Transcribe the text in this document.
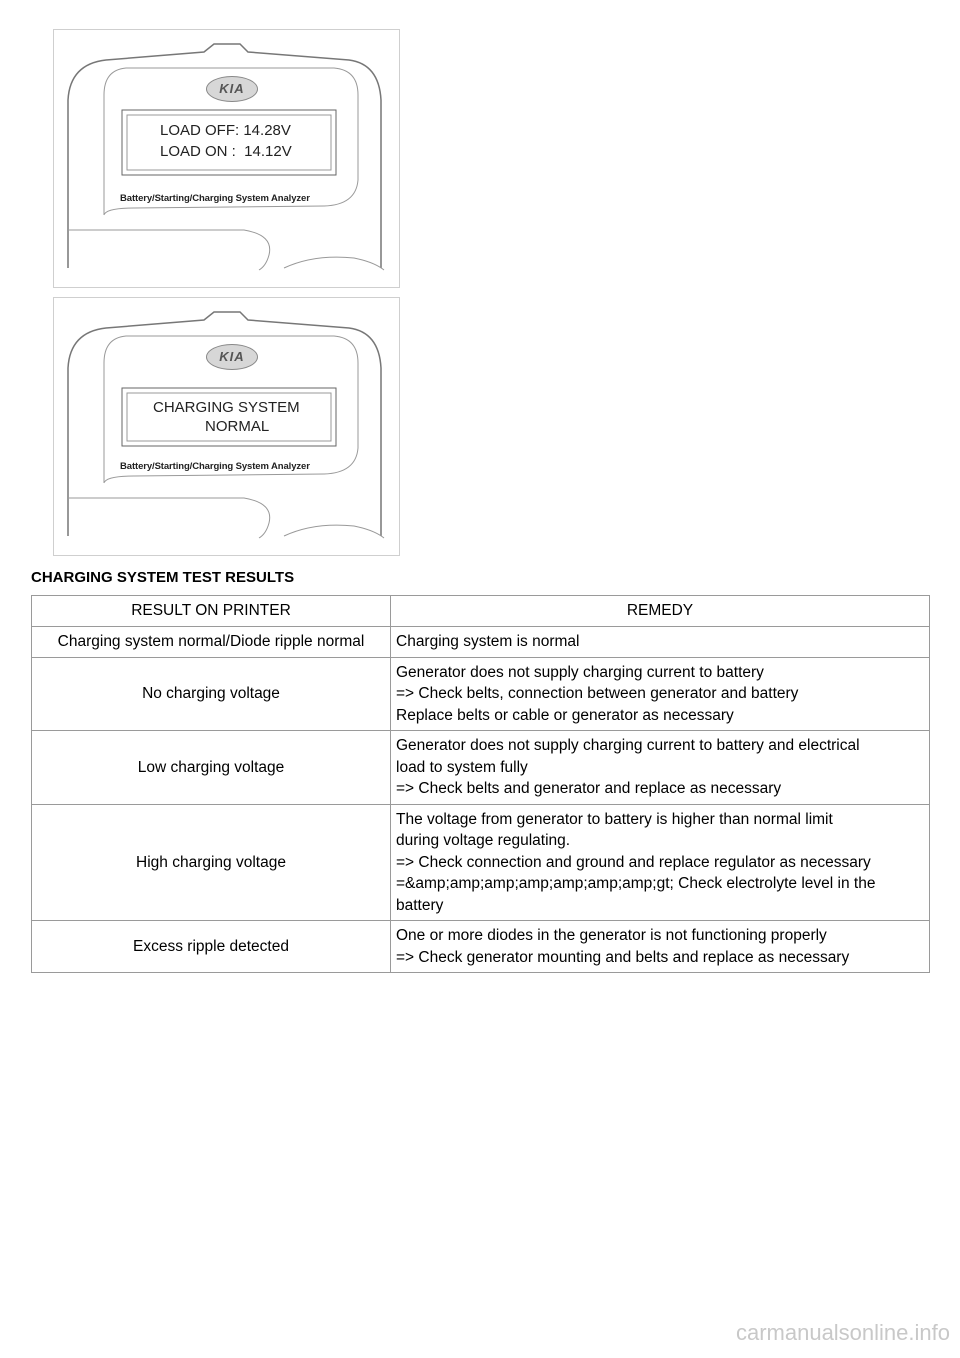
KIA
LOAD OFF: 14.28V
LOAD ON :  14.12V
Battery/Starting/Charging System Analyzer
KIA
CHARGING SYSTEM
NORMAL
Battery/Starting/Charging System Analyzer
CHARGING SYSTEM TEST RESULTS
RESULT ON PRINTER	REMEDY
Charging system normal/Diode ripple normal	Charging system is normal

No charging voltage	Generator does not supply charging current to battery
=> Check belts, connection between generator and battery
Replace belts or cable or generator as necessary

Low charging voltage	Generator does not supply charging current to battery and electrical
load to system fully
=> Check belts and generator and replace as necessary

High charging voltage	The voltage from generator to battery is higher than normal limit
during voltage regulating.
=> Check connection and ground and replace regulator as necessary
=&amp;amp;amp;amp;amp;amp;amp;gt; Check electrolyte level in the
battery

Excess ripple detected	One or more diodes in the generator is not functioning properly
=> Check generator mounting and belts and replace as necessary
carmanualsonline.info
